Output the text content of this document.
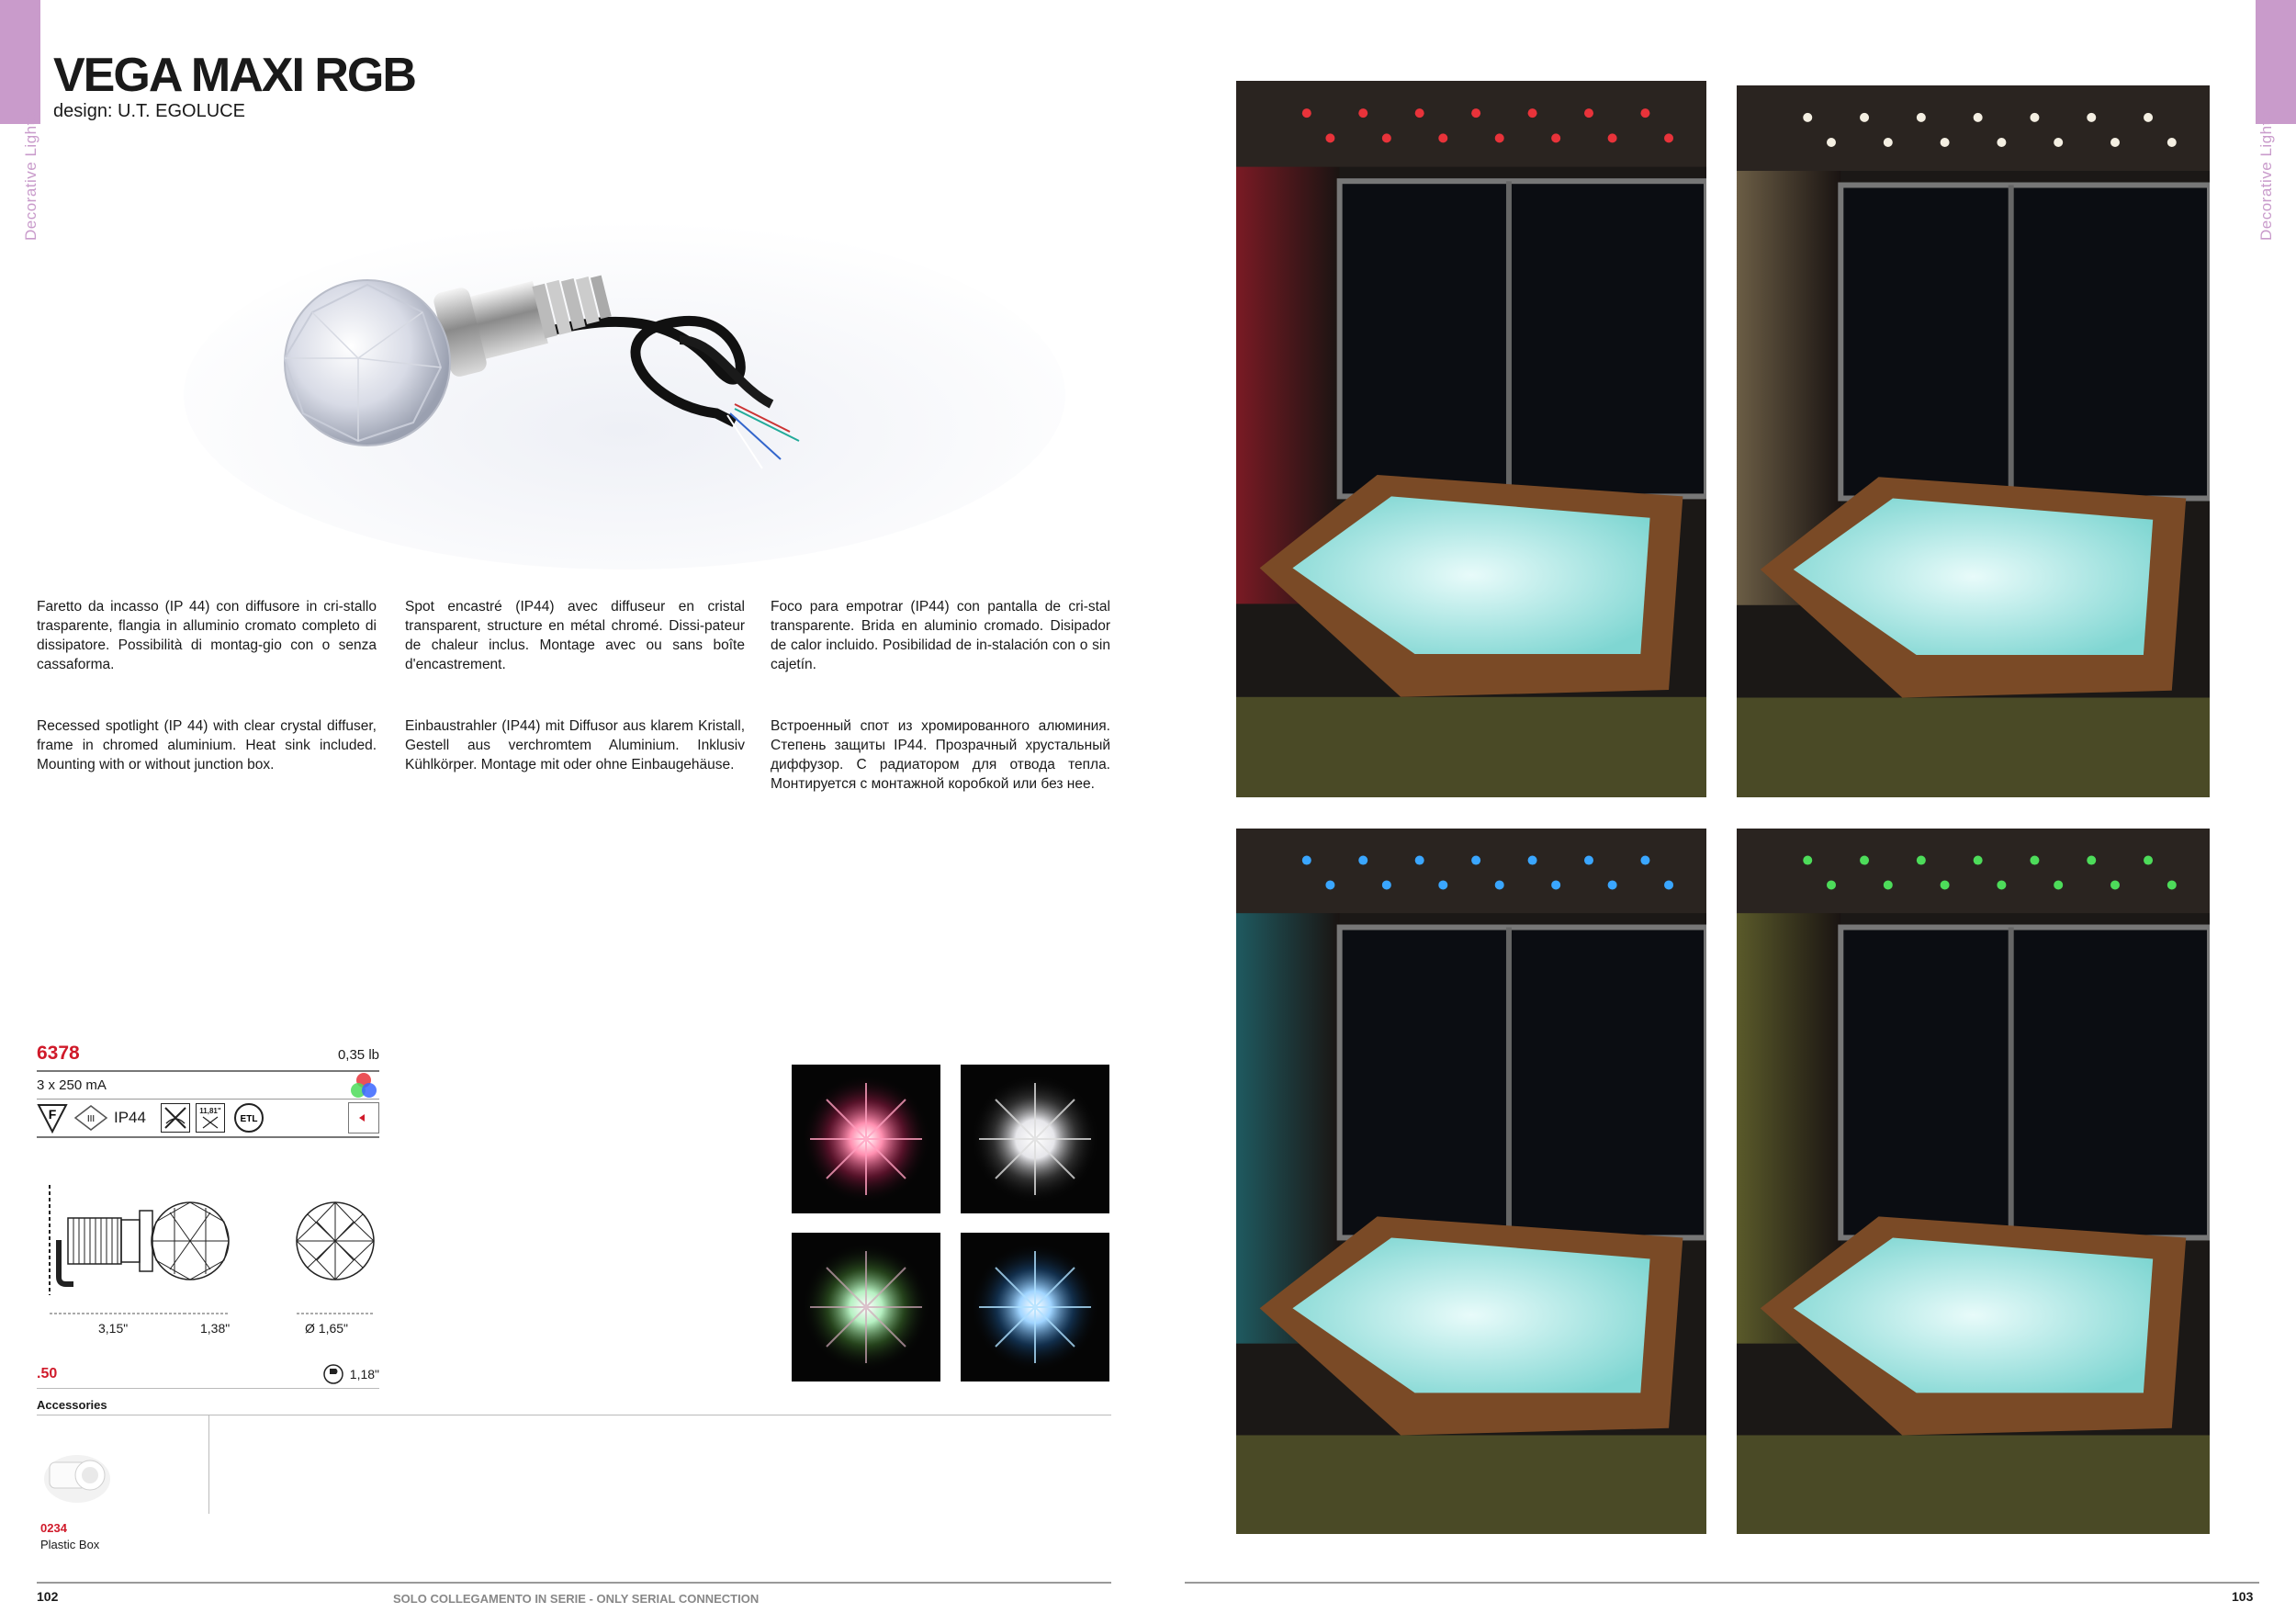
Decorative Lights	Decorative Lights
VEGA MAXI RGB
design: U.T. EGOLUCE
Faretto da incasso (IP 44) con diffusore in cri-stallo trasparente, flangia in alluminio cromato completo di dissipatore. Possibilità di montag-gio con o senza cassaforma.
Spot encastré (IP44) avec diffuseur en cristal transparent, structure en métal chromé. Dissi-pateur de chaleur inclus. Montage avec ou sans boîte d'encastrement.
Foco para empotrar (IP44) con pantalla de cri-stal transparente. Brida en aluminio cromado. Disipador de calor incluido. Posibilidad de in-stalación con o sin cajetín.
Recessed spotlight (IP 44) with clear crystal diffuser, frame in chromed aluminium. Heat sink included. Mounting with or without junction box.
Einbaustrahler (IP44) mit Diffusor aus klarem Kristall, Gestell aus verchromtem Aluminium. Inklusiv Kühlkörper. Montage mit oder ohne Einbaugehäuse.
Встроенный спот из хромированного алюминия. Степень защиты IP44. Прозрачный хрустальный диффузор. С радиатором для отвода тепла. Монтируется с монтажной коробкой или без нее.
6378	0,35 lb
3 x 250 mA
F	III IP44	11,81"
ETL
3,15"	1,38"	Ø 1,65"
.50	1,18"
Accessories
0234
Plastic Box
102	103
SOLO COLLEGAMENTO IN SERIE - ONLY SERIAL CONNECTION
